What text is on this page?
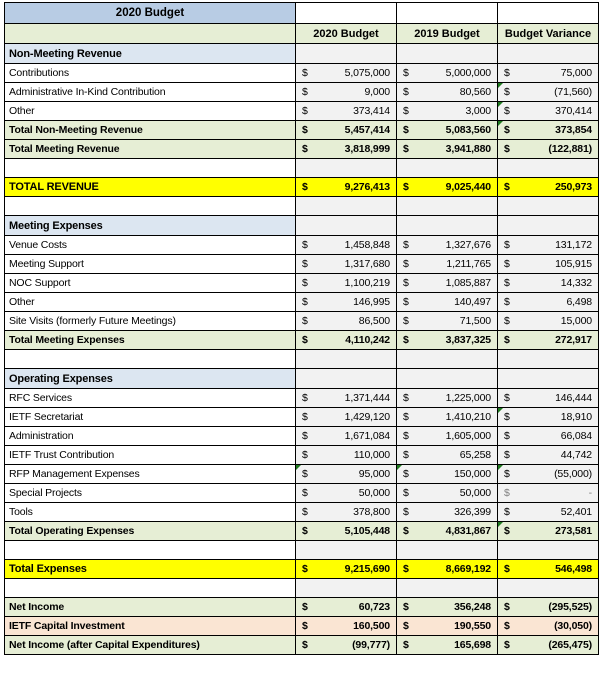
2020 Budget			
	2020 Budget	2019 Budget	Budget Variance
Non-Meeting Revenue			
Contributions	$ 5,075,000	$ 5,000,000	$ 75,000
Administrative In-Kind Contribution	$ 9,000	$ 80,560	$ (71,560)
Other	$ 373,414	$ 3,000	$ 370,414
Total Non-Meeting Revenue	$ 5,457,414	$ 5,083,560	$ 373,854
Total Meeting Revenue	$ 3,818,999	$ 3,941,880	$ (122,881)

TOTAL REVENUE	$ 9,276,413	$ 9,025,440	$ 250,973

Meeting Expenses			
Venue Costs	$ 1,458,848	$ 1,327,676	$ 131,172
Meeting Support	$ 1,317,680	$ 1,211,765	$ 105,915
NOC Support	$ 1,100,219	$ 1,085,887	$ 14,332
Other	$ 146,995	$ 140,497	$ 6,498
Site Visits (formerly Future Meetings)	$ 86,500	$ 71,500	$ 15,000
Total Meeting Expenses	$ 4,110,242	$ 3,837,325	$ 272,917

Operating Expenses			
RFC Services	$ 1,371,444	$ 1,225,000	$ 146,444
IETF Secretariat	$ 1,429,120	$ 1,410,210	$ 18,910
Administration	$ 1,671,084	$ 1,605,000	$ 66,084
IETF Trust Contribution	$ 110,000	$ 65,258	$ 44,742
RFP Management Expenses	$ 95,000	$ 150,000	$ (55,000)
Special Projects	$ 50,000	$ 50,000	$ -
Tools	$ 378,800	$ 326,399	$ 52,401
Total Operating Expenses	$ 5,105,448	$ 4,831,867	$ 273,581

Total Expenses	$ 9,215,690	$ 8,669,192	$ 546,498

Net Income	$ 60,723	$ 356,248	$ (295,525)
IETF Capital Investment	$ 160,500	$ 190,550	$ (30,050)
Net Income (after Capital Expenditures)	$ (99,777)	$ 165,698	$ (265,475)
